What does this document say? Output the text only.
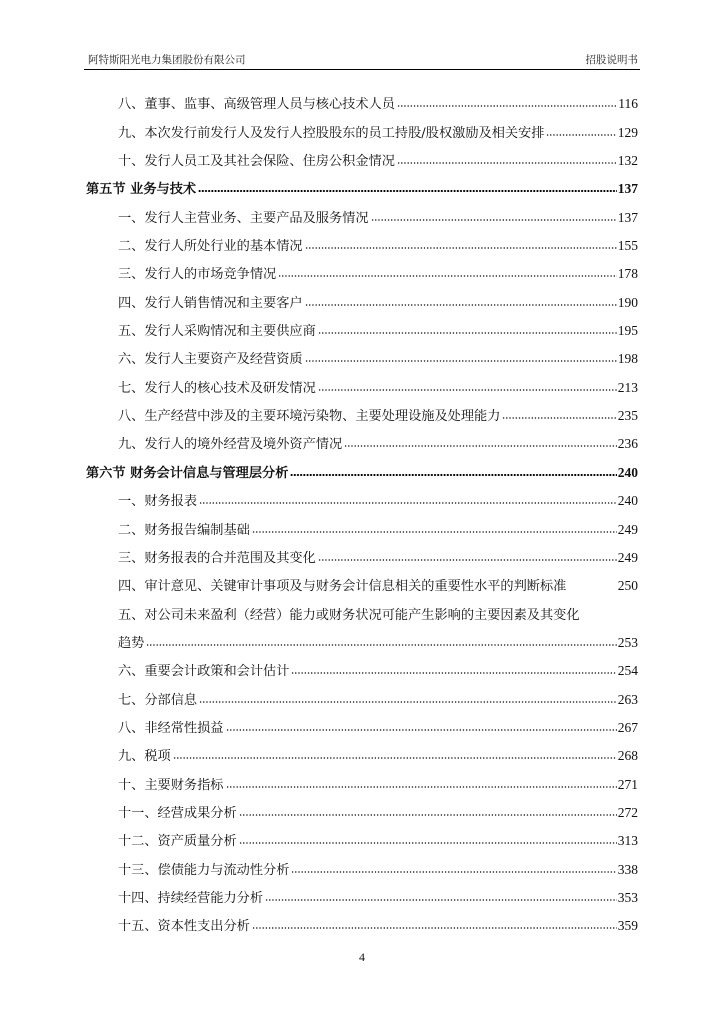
阿特斯阳光电力集团股份有限公司	招股说明书
八、董事、监事、高级管理人员与核心技术人员	116
九、本次发行前发行人及发行人控股股东的员工持股/股权激励及相关安排	129
十、发行人员工及其社会保险、住房公积金情况	132
第五节 业务与技术	137
一、发行人主营业务、主要产品及服务情况	137
二、发行人所处行业的基本情况	155
三、发行人的市场竞争情况	178
四、发行人销售情况和主要客户	190
五、发行人采购情况和主要供应商	195
六、发行人主要资产及经营资质	198
七、发行人的核心技术及研发情况	213
八、生产经营中涉及的主要环境污染物、主要处理设施及处理能力	235
九、发行人的境外经营及境外资产情况	236
第六节 财务会计信息与管理层分析	240
一、财务报表	240
二、财务报告编制基础	249
三、财务报表的合并范围及其变化	249
四、审计意见、关键审计事项及与财务会计信息相关的重要性水平的判断标准	250
五、对公司未来盈利（经营）能力或财务状况可能产生影响的主要因素及其变化
趋势	253
六、重要会计政策和会计估计	254
七、分部信息	263
八、非经常性损益	267
九、税项	268
十、主要财务指标	271
十一、经营成果分析	272
十二、资产质量分析	313
十三、偿债能力与流动性分析	338
十四、持续经营能力分析	353
十五、资本性支出分析	359
4
